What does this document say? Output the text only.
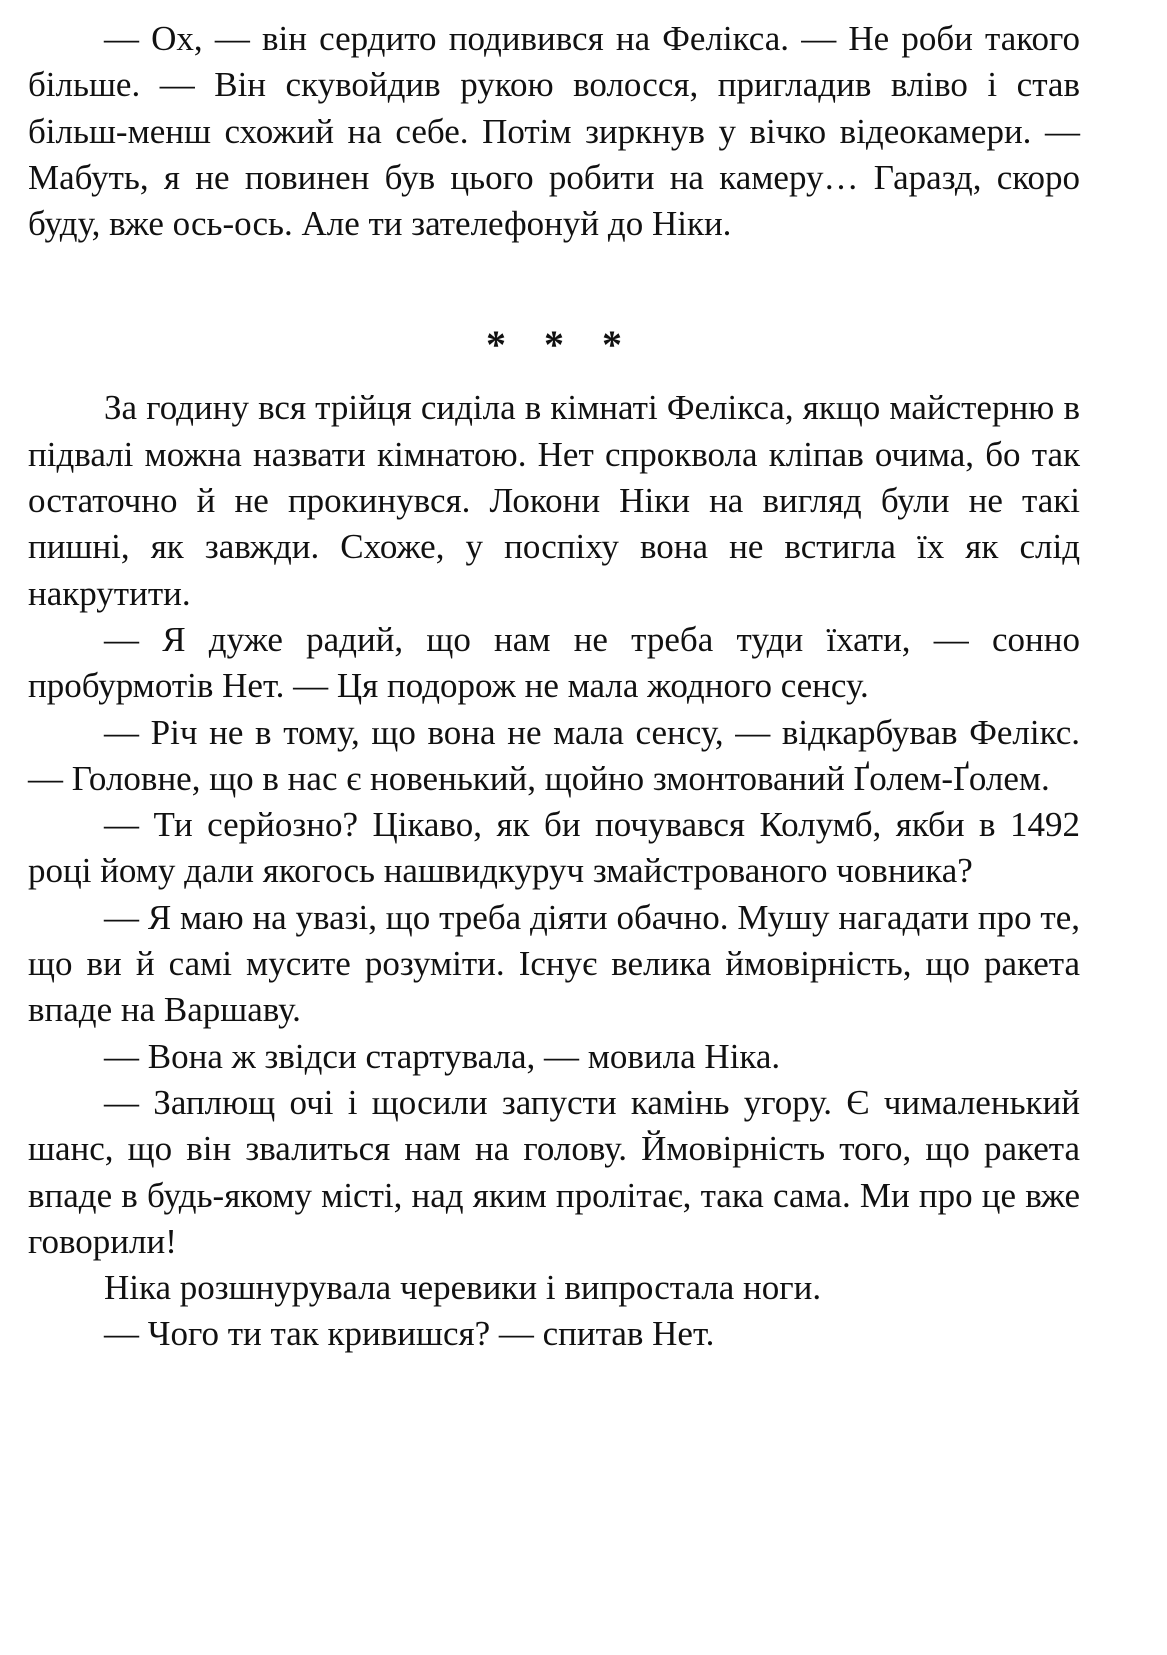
— Ох, — він сердито подивився на Фелікса. — Не роби такого більше. — Він скувойдив рукою волосся, пригладив вліво і став більш-менш схожий на себе. Потім зиркнув у вічко відеокамери. — Мабуть, я не повинен був цього робити на камеру… Гаразд, скоро буду, вже ось-ось. Але ти зателефонуй до Ніки.

* * *

За годину вся трійця сиділа в кімнаті Фелікса, якщо майстерню в підвалі можна назвати кімнатою. Нет спроквола кліпав очима, бо так остаточно й не прокинувся. Локони Ніки на вигляд були не такі пишні, як завжди. Схоже, у поспіху вона не встигла їх як слід накрутити.

— Я дуже радий, що нам не треба туди їхати, — сонно пробурмотів Нет. — Ця подорож не мала жодного сенсу.

— Річ не в тому, що вона не мала сенсу, — відкарбував Фелікс. — Головне, що в нас є новенький, щойно змонтований Ґолем-Ґолем.

— Ти серйозно? Цікаво, як би почувався Колумб, якби в 1492 році йому дали якогось нашвидкуруч змайстрованого човника?

— Я маю на увазі, що треба діяти обачно. Мушу нагадати про те, що ви й самі мусите розуміти. Існує велика ймовірність, що ракета впаде на Варшаву.

— Вона ж звідси стартувала, — мовила Ніка.

— Заплющ очі і щосили запусти камінь угору. Є чималенький шанс, що він звалиться нам на голову. Ймовірність того, що ракета впаде в будь-якому місті, над яким пролітає, така сама. Ми про це вже говорили!

Ніка розшнурувала черевики і випростала ноги.

— Чого ти так кривишся? — спитав Нет.
